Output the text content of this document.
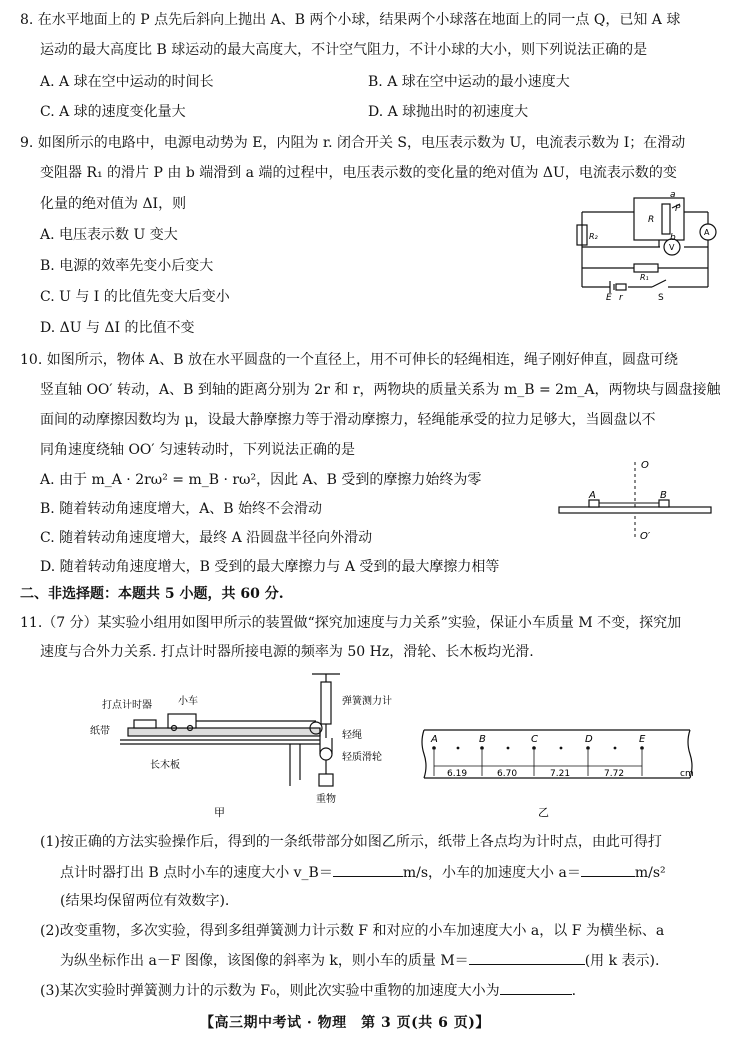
8. 在水平地面上的 P 点先后斜向上抛出 A、B 两个小球，结果两个小球落在地面上的同一点 Q，已知 A 球
运动的最大高度比 B 球运动的最大高度大，不计空气阻力，不计小球的大小，则下列说法正确的是
A. A 球在空中运动的时间长	B. A 球在空中运动的最小速度大
C. A 球的速度变化量大	D. A 球抛出时的初速度大
9. 如图所示的电路中，电源电动势为 E，内阻为 r. 闭合开关 S，电压表示数为 U，电流表示数为 I；在滑动
变阻器 R₁ 的滑片 P 由 b 端滑到 a 端的过程中，电压表示数的变化量的绝对值为 ΔU，电流表示数的变
化量的绝对值为 ΔI，则
A. 电压表示数 U 变大
B. 电源的效率先变小后变大
C. U 与 I 的比值先变大后变小
D. ΔU 与 ΔI 的比值不变
a
P
R
b
A
R₁
V
R₂
E r	S
10. 如图所示，物体 A、B 放在水平圆盘的一个直径上，用不可伸长的轻绳相连，绳子刚好伸直，圆盘可绕
竖直轴 OO′ 转动，A、B 到轴的距离分别为 2r 和 r，两物块的质量关系为 m_B = 2m_A，两物块与圆盘接触
面间的动摩擦因数均为 μ，设最大静摩擦力等于滑动摩擦力，轻绳能承受的拉力足够大，当圆盘以不
同角速度绕轴 OO′ 匀速转动时，下列说法正确的是
A. 由于 m_A · 2rω² = m_B · rω²，因此 A、B 受到的摩擦力始终为零
B. 随着转动角速度增大，A、B 始终不会滑动
C. 随着转动角速度增大，最终 A 沿圆盘半径向外滑动
D. 随着转动角速度增大，B 受到的最大摩擦力与 A 受到的最大摩擦力相等
O
A	B
O′
二、非选择题：本题共 5 小题，共 60 分.
11.（7 分）某实验小组用如图甲所示的装置做“探究加速度与力关系”实验，保证小车质量 M 不变，探究加
速度与合外力关系. 打点计时器所接电源的频率为 50 Hz，滑轮、长木板均光滑.
打点计时器	小车	弹簧测力计
纸带	轻绳
长木板
轻质滑轮
重物
甲
A	B	C	D	E
6.19	6.70	7.21	7.72	cm
乙
(1)按正确的方法实验操作后，得到的一条纸带部分如图乙所示，纸带上各点均为计时点，由此可得打
点计时器打出 B 点时小车的速度大小 v_B＝	m/s，小车的加速度大小 a＝	m/s²
(结果均保留两位有效数字).
(2)改变重物，多次实验，得到多组弹簧测力计示数 F 和对应的小车加速度大小 a，以 F 为横坐标、a
为纵坐标作出 a－F 图像，该图像的斜率为 k，则小车的质量 M＝	(用 k 表示).
(3)某次实验时弹簧测力计的示数为 F₀，则此次实验中重物的加速度大小为	.
【高三期中考试 · 物理　第 3 页(共 6 页)】
